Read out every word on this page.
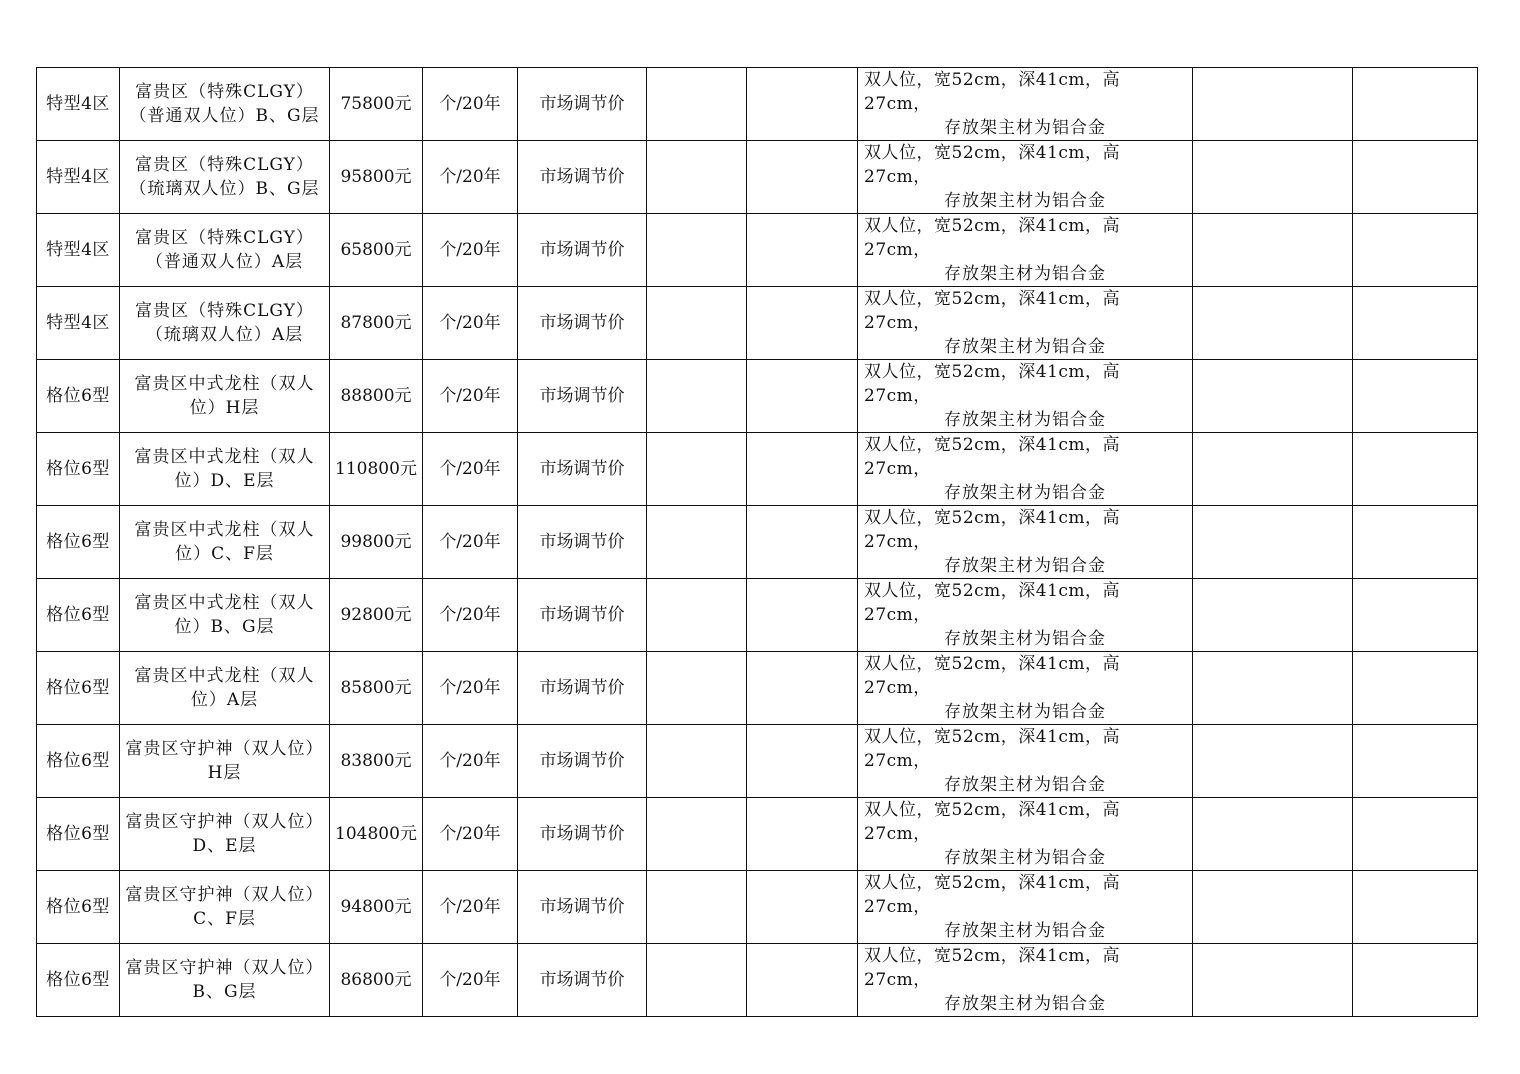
特型4区	富贵区（特殊CLGY）（普通双人位）B、G层	75800元	个/20年	市场调节价			双人位，宽52cm，深41cm，高27cm，
存放架主材为铝合金		

特型4区	富贵区（特殊CLGY）（琉璃双人位）B、G层	95800元	个/20年	市场调节价			双人位，宽52cm，深41cm，高27cm，
存放架主材为铝合金		

特型4区	富贵区（特殊CLGY）（普通双人位）A层	65800元	个/20年	市场调节价			双人位，宽52cm，深41cm，高27cm，
存放架主材为铝合金		

特型4区	富贵区（特殊CLGY）（琉璃双人位）A层	87800元	个/20年	市场调节价			双人位，宽52cm，深41cm，高27cm，
存放架主材为铝合金		

格位6型	富贵区中式龙柱（双人位）H层	88800元	个/20年	市场调节价			双人位，宽52cm，深41cm，高27cm，
存放架主材为铝合金		

格位6型	富贵区中式龙柱（双人位）D、E层	110800元	个/20年	市场调节价			双人位，宽52cm，深41cm，高27cm，
存放架主材为铝合金		

格位6型	富贵区中式龙柱（双人位）C、F层	99800元	个/20年	市场调节价			双人位，宽52cm，深41cm，高27cm，
存放架主材为铝合金		

格位6型	富贵区中式龙柱（双人位）B、G层	92800元	个/20年	市场调节价			双人位，宽52cm，深41cm，高27cm，
存放架主材为铝合金		

格位6型	富贵区中式龙柱（双人位）A层	85800元	个/20年	市场调节价			双人位，宽52cm，深41cm，高27cm，
存放架主材为铝合金		

格位6型	富贵区守护神（双人位）H层	83800元	个/20年	市场调节价			双人位，宽52cm，深41cm，高27cm，
存放架主材为铝合金		

格位6型	富贵区守护神（双人位）D、E层	104800元	个/20年	市场调节价			双人位，宽52cm，深41cm，高27cm，
存放架主材为铝合金		

格位6型	富贵区守护神（双人位）C、F层	94800元	个/20年	市场调节价			双人位，宽52cm，深41cm，高27cm，
存放架主材为铝合金		

格位6型	富贵区守护神（双人位）B、G层	86800元	个/20年	市场调节价			双人位，宽52cm，深41cm，高27cm，
存放架主材为铝合金		
